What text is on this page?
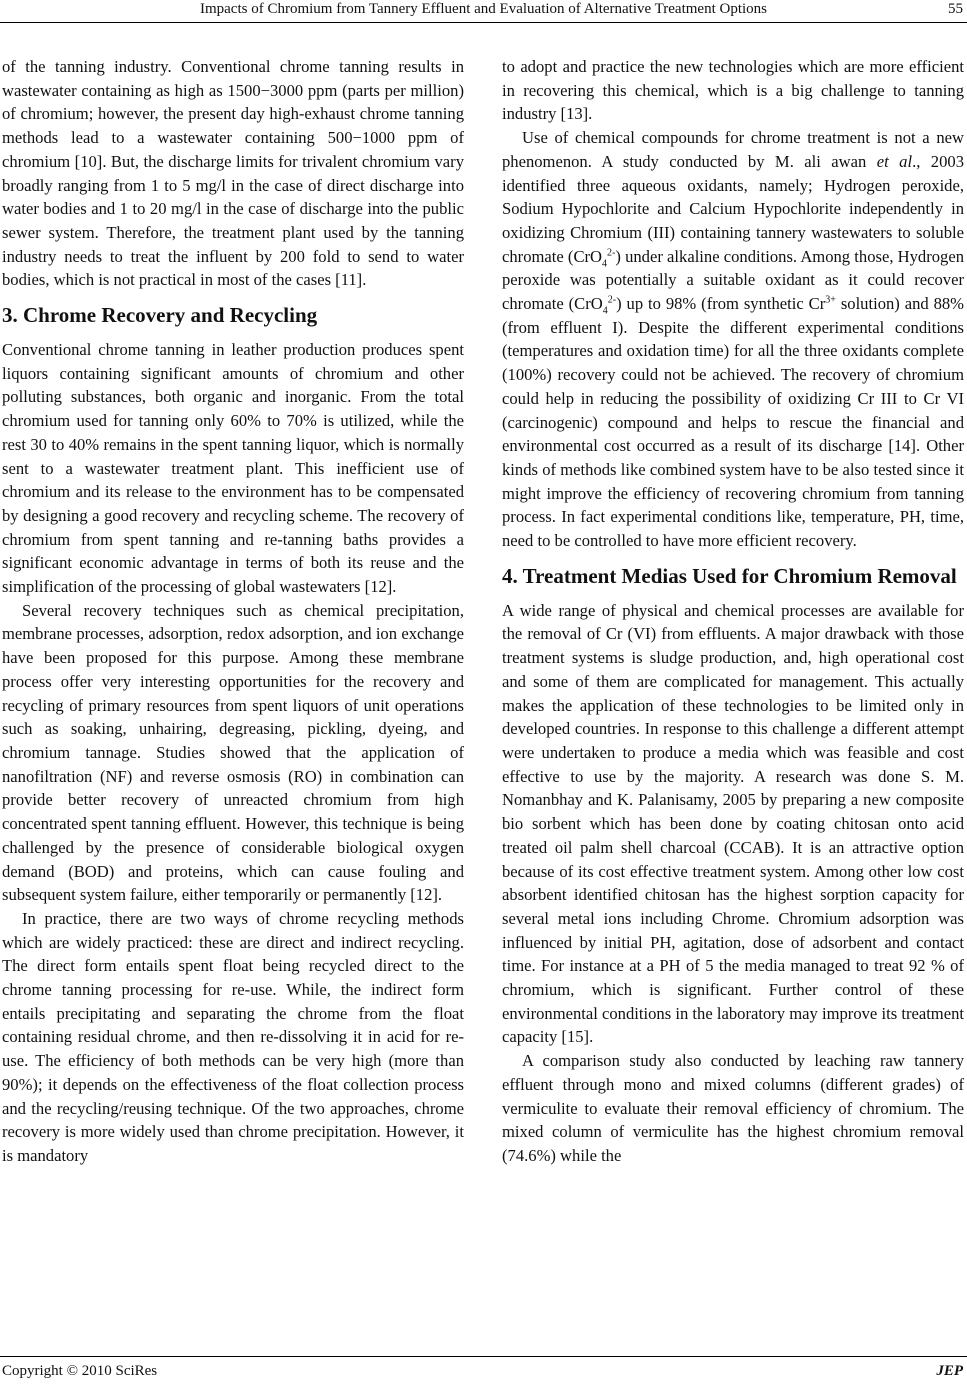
Impacts of Chromium from Tannery Effluent and Evaluation of Alternative Treatment Options	55

of the tanning industry. Conventional chrome tanning results in wastewater containing as high as 1500−3000 ppm (parts per million) of chromium; however, the present day high-exhaust chrome tanning methods lead to a wastewater containing 500−1000 ppm of chromium [10]. But, the discharge limits for trivalent chromium vary broadly ranging from 1 to 5 mg/l in the case of direct discharge into water bodies and 1 to 20 mg/l in the case of discharge into the public sewer system. Therefore, the treatment plant used by the tanning industry needs to treat the influent by 200 fold to send to water bodies, which is not practical in most of the cases [11].

3. Chrome Recovery and Recycling

Conventional chrome tanning in leather production produces spent liquors containing significant amounts of chromium and other polluting substances, both organic and inorganic. From the total chromium used for tanning only 60% to 70% is utilized, while the rest 30 to 40% remains in the spent tanning liquor, which is normally sent to a wastewater treatment plant. This inefficient use of chromium and its release to the environment has to be compensated by designing a good recovery and recycling scheme. The recovery of chromium from spent tanning and re-tanning baths provides a significant economic advantage in terms of both its reuse and the simplification of the processing of global wastewaters [12].

Several recovery techniques such as chemical precipitation, membrane processes, adsorption, redox adsorption, and ion exchange have been proposed for this purpose. Among these membrane process offer very interesting opportunities for the recovery and recycling of primary resources from spent liquors of unit operations such as soaking, unhairing, degreasing, pickling, dyeing, and chromium tannage. Studies showed that the application of nanofiltration (NF) and reverse osmosis (RO) in combination can provide better recovery of unreacted chromium from high concentrated spent tanning effluent. However, this technique is being challenged by the presence of considerable biological oxygen demand (BOD) and proteins, which can cause fouling and subsequent system failure, either temporarily or permanently [12].

In practice, there are two ways of chrome recycling methods which are widely practiced: these are direct and indirect recycling. The direct form entails spent float being recycled direct to the chrome tanning processing for re-use. While, the indirect form entails precipitating and separating the chrome from the float containing residual chrome, and then re-dissolving it in acid for re-use. The efficiency of both methods can be very high (more than 90%); it depends on the effectiveness of the float collection process and the recycling/reusing technique. Of the two approaches, chrome recovery is more widely used than chrome precipitation. However, it is mandatory

to adopt and practice the new technologies which are more efficient in recovering this chemical, which is a big challenge to tanning industry [13].

Use of chemical compounds for chrome treatment is not a new phenomenon. A study conducted by M. ali awan et al., 2003 identified three aqueous oxidants, namely; Hydrogen peroxide, Sodium Hypochlorite and Calcium Hypochlorite independently in oxidizing Chromium (III) containing tannery wastewaters to soluble chromate (CrO$_4^{2-}$) under alkaline conditions. Among those, Hydrogen peroxide was potentially a suitable oxidant as it could recover chromate (CrO$_4^{2-}$) up to 98% (from synthetic $Cr^{3+}$ solution) and 88% (from effluent I). Despite the different experimental conditions (temperatures and oxidation time) for all the three oxidants complete (100%) recovery could not be achieved. The recovery of chromium could help in reducing the possibility of oxidizing Cr III to Cr VI (carcinogenic) compound and helps to rescue the financial and environmental cost occurred as a result of its discharge [14]. Other kinds of methods like combined system have to be also tested since it might improve the efficiency of recovering chromium from tanning process. In fact experimental conditions like, temperature, PH, time, need to be controlled to have more efficient recovery.

4. Treatment Medias Used for Chromium Removal

A wide range of physical and chemical processes are available for the removal of Cr (VI) from effluents. A major drawback with those treatment systems is sludge production, and, high operational cost and some of them are complicated for management. This actually makes the application of these technologies to be limited only in developed countries. In response to this challenge a different attempt were undertaken to produce a media which was feasible and cost effective to use by the majority. A research was done S. M. Nomanbhay and K. Palanisamy, 2005 by preparing a new composite bio sorbent which has been done by coating chitosan onto acid treated oil palm shell charcoal (CCAB). It is an attractive option because of its cost effective treatment system. Among other low cost absorbent identified chitosan has the highest sorption capacity for several metal ions including Chrome. Chromium adsorption was influenced by initial PH, agitation, dose of adsorbent and contact time. For instance at a PH of 5 the media managed to treat 92 % of chromium, which is significant. Further control of these environmental conditions in the laboratory may improve its treatment capacity [15].

A comparison study also conducted by leaching raw tannery effluent through mono and mixed columns (different grades) of vermiculite to evaluate their removal efficiency of chromium. The mixed column of vermiculite has the highest chromium removal (74.6%) while the

Copyright © 2010 SciRes	JEP
